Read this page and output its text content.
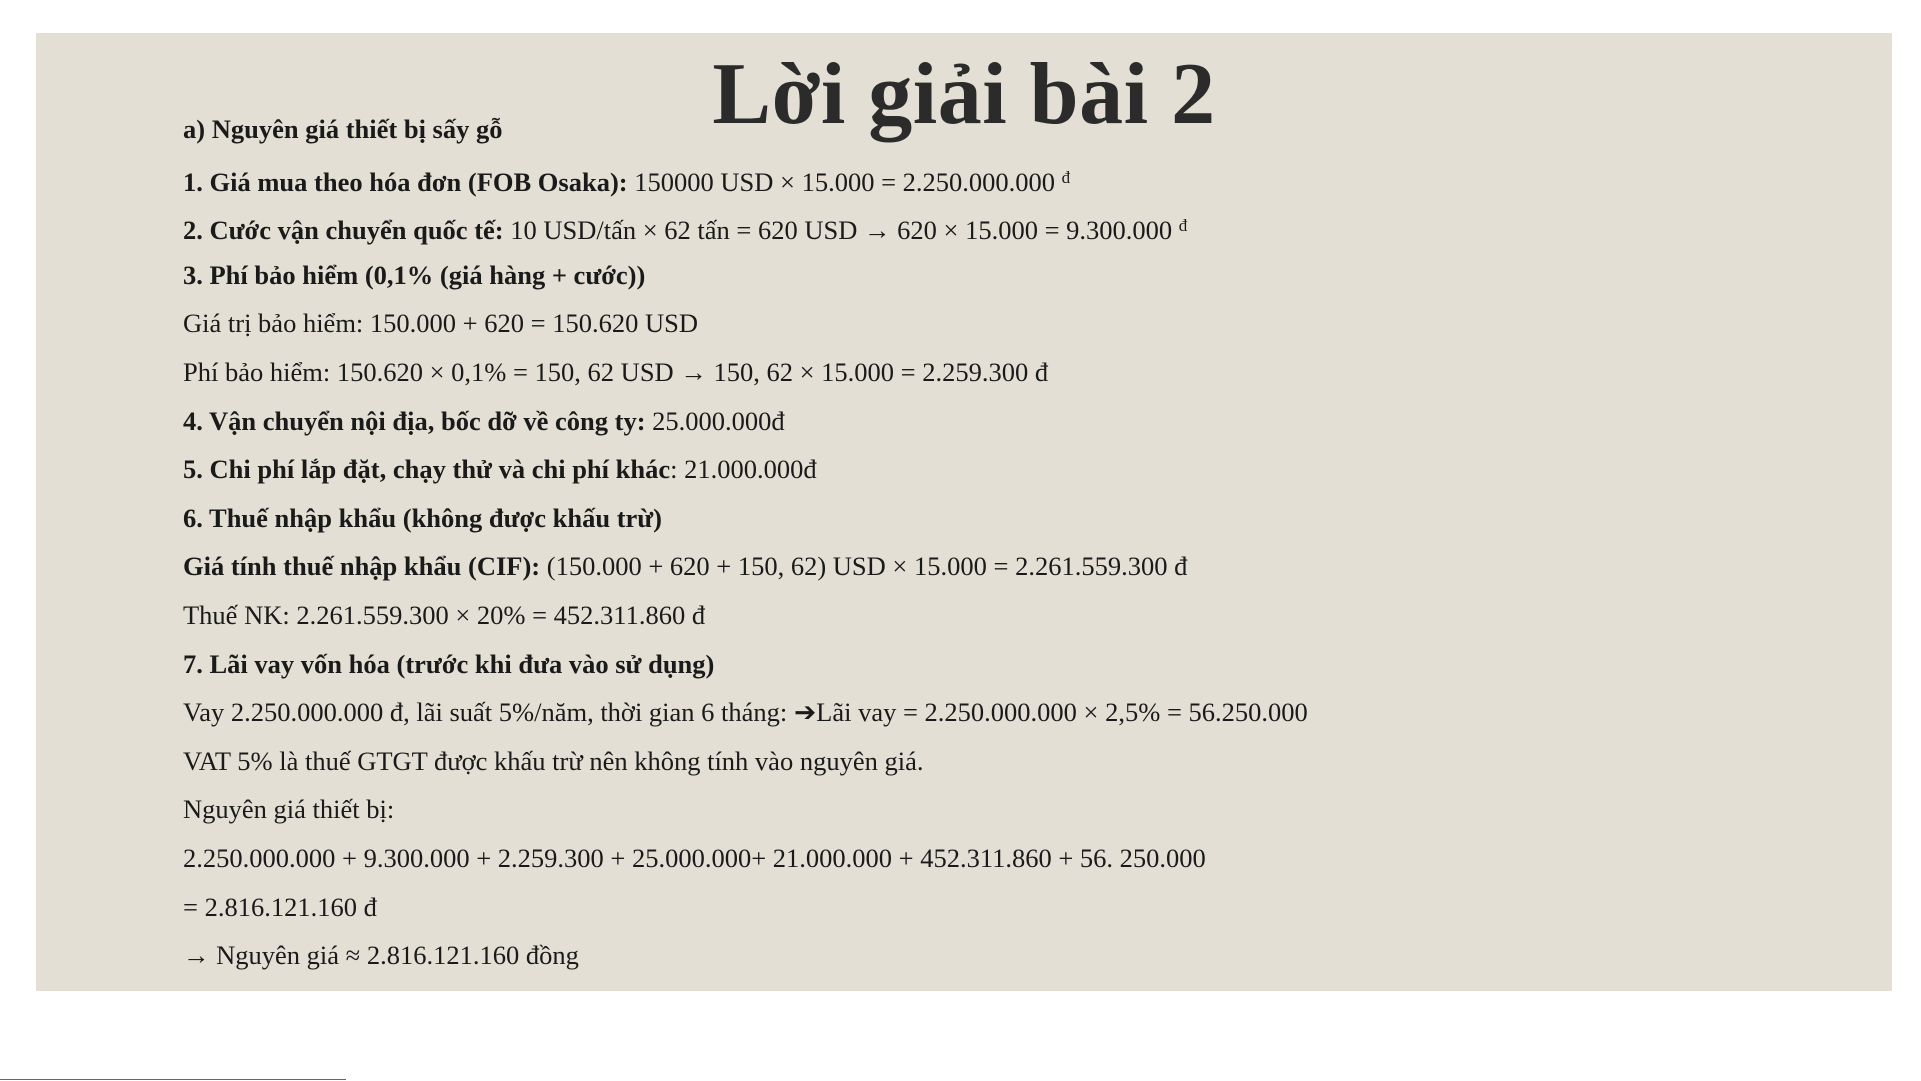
Lời giải bài 2
a) Nguyên giá thiết bị sấy gỗ
1. Giá mua theo hóa đơn (FOB Osaka): 150000 USD × 15.000 = 2.250.000.000 $^đ$
2. Cước vận chuyển quốc tế: 10 USD/tấn × 62 tấn = 620 USD → 620 × 15.000 = 9.300.000 $^đ$
3. Phí bảo hiểm (0,1% (giá hàng + cước))
Giá trị bảo hiểm: 150.000 + 620 = 150.620 USD
Phí bảo hiểm: 150.620 × 0,1% = 150, 62 USD → 150, 62 × 15.000 = 2.259.300 đ
4. Vận chuyển nội địa, bốc dỡ về công ty: 25.000.000đ
5. Chi phí lắp đặt, chạy thử và chi phí khác: 21.000.000đ
6. Thuế nhập khẩu (không được khấu trừ)
Giá tính thuế nhập khẩu (CIF): (150.000 + 620 + 150, 62) USD × 15.000 = 2.261.559.300 đ
Thuế NK: 2.261.559.300 × 20% = 452.311.860 đ
7. Lãi vay vốn hóa (trước khi đưa vào sử dụng)
Vay 2.250.000.000 đ, lãi suất 5%/năm, thời gian 6 tháng: ➔Lãi vay = 2.250.000.000 × 2,5% = 56.250.000
VAT 5% là thuế GTGT được khấu trừ nên không tính vào nguyên giá.
Nguyên giá thiết bị:
2.250.000.000 + 9.300.000 + 2.259.300 + 25.000.000+ 21.000.000 + 452.311.860 + 56. 250.000
= 2.816.121.160 đ
→ Nguyên giá ≈ 2.816.121.160 đồng
